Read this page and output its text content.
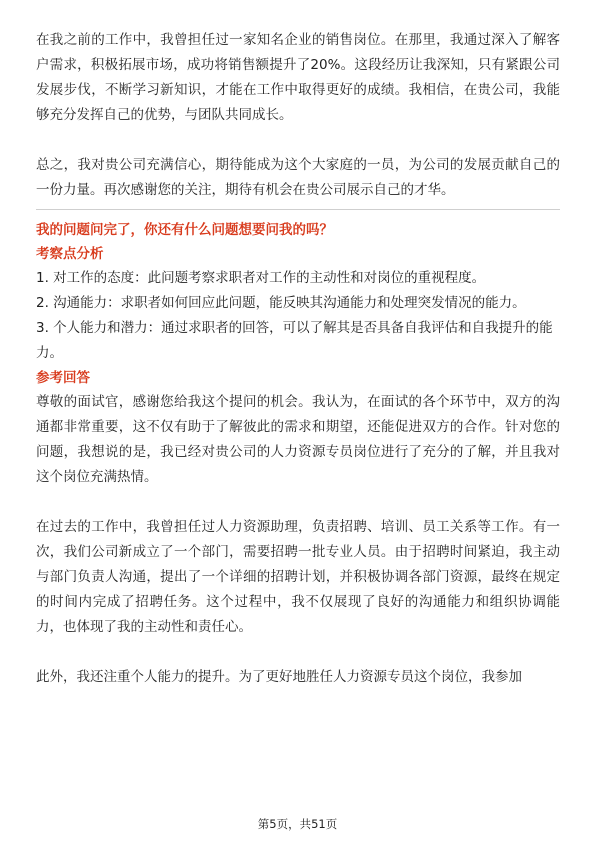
在我之前的工作中，我曾担任过一家知名企业的销售岗位。在那里，我通过深入了解客户需求，积极拓展市场，成功将销售额提升了20%。这段经历让我深知，只有紧跟公司发展步伐，不断学习新知识，才能在工作中取得更好的成绩。我相信，在贵公司，我能够充分发挥自己的优势，与团队共同成长。

总之，我对贵公司充满信心，期待能成为这个大家庭的一员，为公司的发展贡献自己的一份力量。再次感谢您的关注，期待有机会在贵公司展示自己的才华。

我的问题问完了，你还有什么问题想要问我的吗？

考察点分析

1. 对工作的态度：此问题考察求职者对工作的主动性和对岗位的重视程度。
2. 沟通能力：求职者如何回应此问题，能反映其沟通能力和处理突发情况的能力。
3. 个人能力和潜力：通过求职者的回答，可以了解其是否具备自我评估和自我提升的能力。

参考回答

尊敬的面试官，感谢您给我这个提问的机会。我认为，在面试的各个环节中，双方的沟通都非常重要，这不仅有助于了解彼此的需求和期望，还能促进双方的合作。针对您的问题，我想说的是，我已经对贵公司的人力资源专员岗位进行了充分的了解，并且我对这个岗位充满热情。

在过去的工作中，我曾担任过人力资源助理，负责招聘、培训、员工关系等工作。有一次，我们公司新成立了一个部门，需要招聘一批专业人员。由于招聘时间紧迫，我主动与部门负责人沟通，提出了一个详细的招聘计划，并积极协调各部门资源，最终在规定的时间内完成了招聘任务。这个过程中，我不仅展现了良好的沟通能力和组织协调能力，也体现了我的主动性和责任心。

此外，我还注重个人能力的提升。为了更好地胜任人力资源专员这个岗位，我参加

第5页，共51页
